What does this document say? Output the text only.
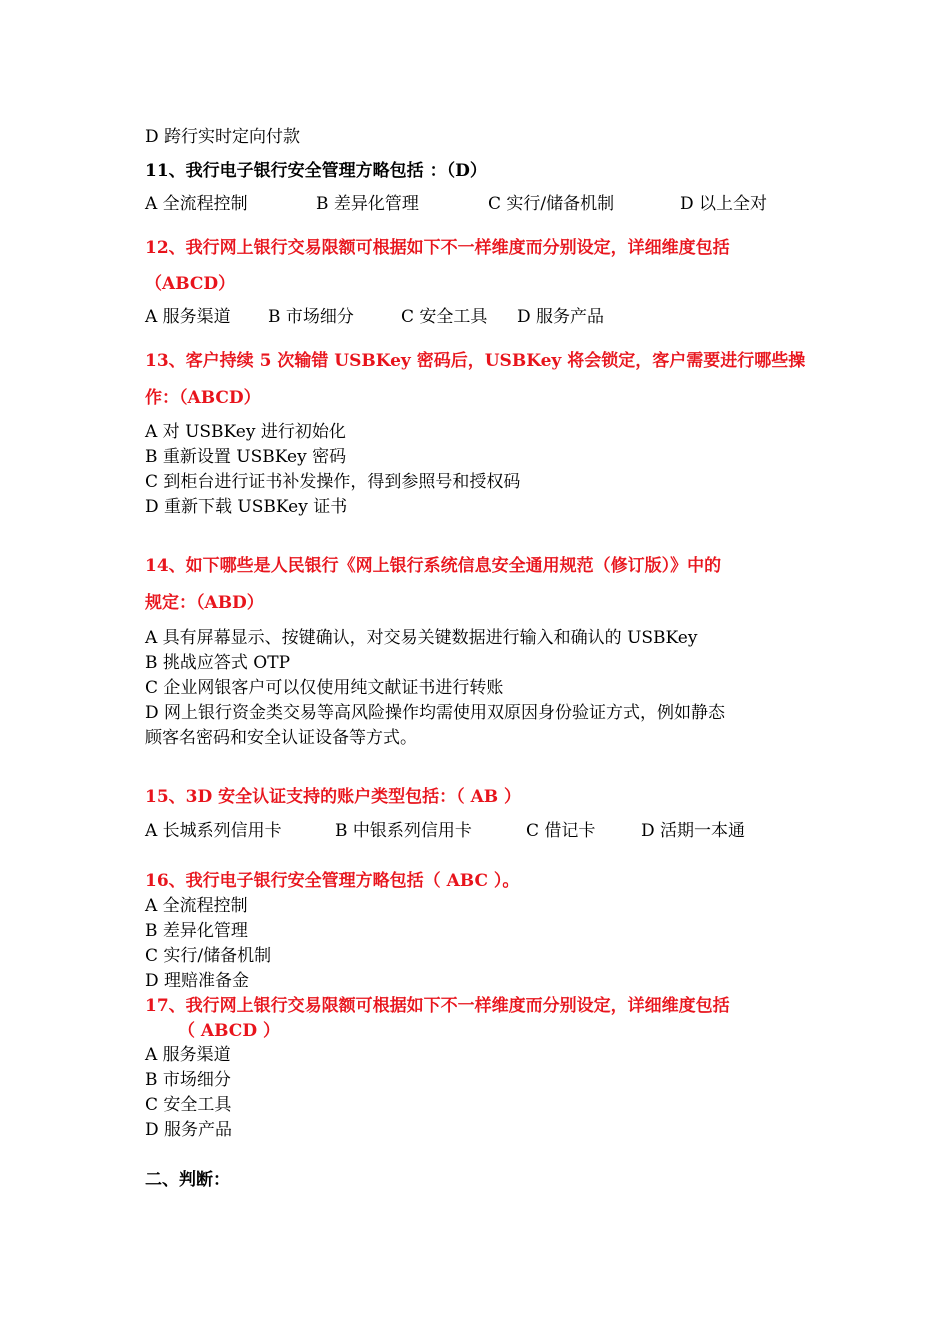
D 跨行实时定向付款
11、我行电子银行安全管理方略包括 ：（D）
A 全流程控制	B 差异化管理	C 实行/储备机制	D 以上全对
12、我行网上银行交易限额可根据如下不一样维度而分别设定，详细维度包括
（ABCD）
A 服务渠道 B 市场细分	C 安全工具 D 服务产品
13、客户持续 5 次输错 USBKey 密码后，USBKey 将会锁定，客户需要进行哪些操
作：（ABCD）
A 对 USBKey 进行初始化
B 重新设置 USBKey 密码
C 到柜台进行证书补发操作，得到参照号和授权码
D 重新下载 USBKey 证书
14、如下哪些是人民银行《网上银行系统信息安全通用规范（修订版）》中的
规定：（ABD）
A 具有屏幕显示、按键确认，对交易关键数据进行输入和确认的 USBKey
B 挑战应答式 OTP
C 企业网银客户可以仅使用纯文献证书进行转账
D 网上银行资金类交易等高风险操作均需使用双原因身份验证方式，例如静态
顾客名密码和安全认证设备等方式。
15、3D 安全认证支持的账户类型包括：（ AB ）
A 长城系列信用卡	B 中银系列信用卡	C 借记卡	D 活期一本通
16、我行电子银行安全管理方略包括（ ABC ）。
A 全流程控制
B 差异化管理
C 实行/储备机制
D 理赔准备金
17、我行网上银行交易限额可根据如下不一样维度而分别设定，详细维度包括
（ ABCD ）
A 服务渠道
B 市场细分
C 安全工具
D 服务产品
二、判断：
